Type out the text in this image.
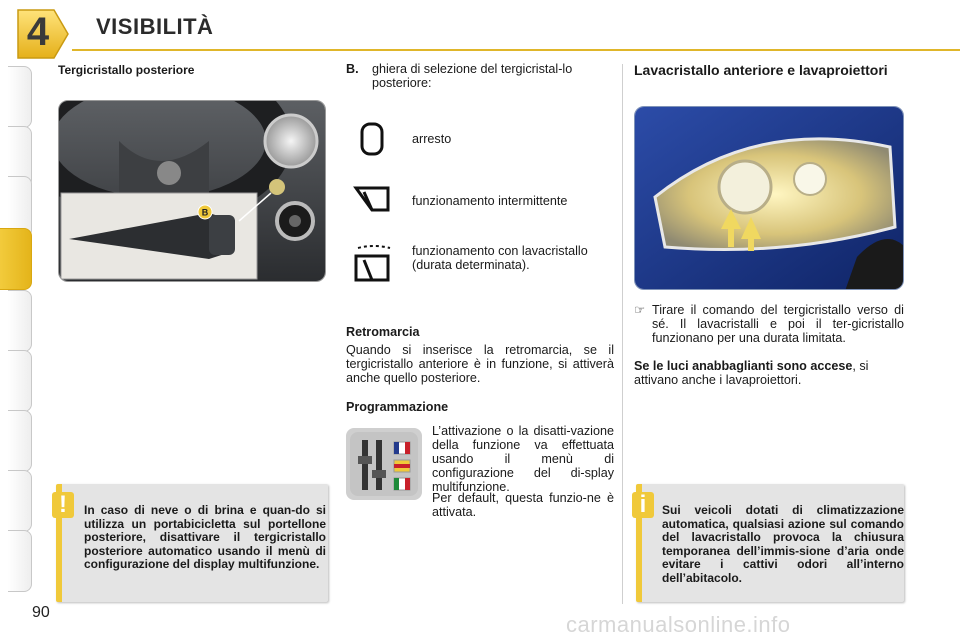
4	VISIBILITÀ
Tergicristallo posteriore
B
!	In caso di neve o di brina e quan-do si utilizza un portabicicletta sul portellone posteriore, disattivare il tergicristallo posteriore automatico usando il menù di configurazione del display multifunzione.
B. ghiera di selezione del tergicristal-lo posteriore:
arresto
funzionamento intermittente
funzionamento con lavacristallo (durata determinata).
Retromarcia
Quando si inserisce la retromarcia, se il tergicristallo anteriore è in funzione, si attiverà anche quello posteriore.
Programmazione
L’attivazione o la disatti-vazione della funzione va effettuata usando il menù di configurazione del di-splay multifunzione.
Per default, questa funzio-ne è attivata.
Lavacristallo anteriore e lavaproiettori
☞ Tirare il comando del tergicristallo verso di sé. Il lavacristalli e poi il ter-gicristallo funzionano per una durata limitata.
Se le luci anabbaglianti sono accese, si attivano anche i lavaproiettori.
i	Sui veicoli dotati di climatizzazione automatica, qualsiasi azione sul comando del lavacristallo provoca la chiusura temporanea dell’immis-sione d’aria onde evitare i cattivi odori all’interno dell’abitacolo.
90	carmanualsonline.info
